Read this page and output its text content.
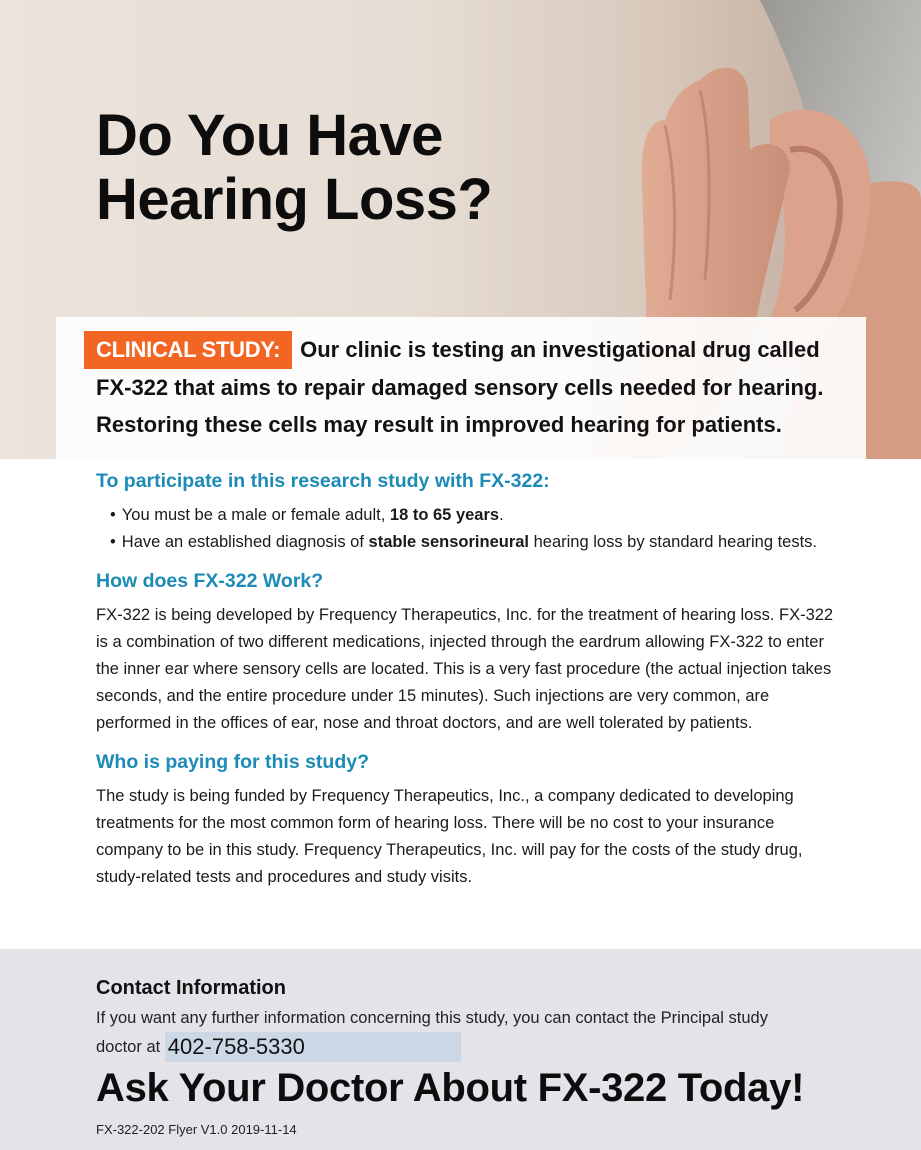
Do You Have
Hearing Loss?

CLINICAL STUDY: Our clinic is testing an investigational drug called FX-322 that aims to repair damaged sensory cells needed for hearing. Restoring these cells may result in improved hearing for patients.

To participate in this research study with FX-322:
• You must be a male or female adult, 18 to 65 years.
• Have an established diagnosis of stable sensorineural hearing loss by standard hearing tests.
How does FX-322 Work?

FX-322 is being developed by Frequency Therapeutics, Inc. for the treatment of hearing loss. FX-322 is a combination of two different medications, injected through the eardrum allowing FX-322 to enter the inner ear where sensory cells are located. This is a very fast procedure (the actual injection takes seconds, and the entire procedure under 15 minutes). Such injections are very common, are performed in the offices of ear, nose and throat doctors, and are well tolerated by patients.

Who is paying for this study?

The study is being funded by Frequency Therapeutics, Inc., a company dedicated to developing treatments for the most common form of hearing loss. There will be no cost to your insurance company to be in this study. Frequency Therapeutics, Inc. will pay for the costs of the study drug, study-related tests and procedures and study visits.

Contact Information

If you want any further information concerning this study, you can contact the Principal study doctor at 402-758-5330

Ask Your Doctor About FX-322 Today!

FX-322-202 Flyer V1.0 2019-11-14
